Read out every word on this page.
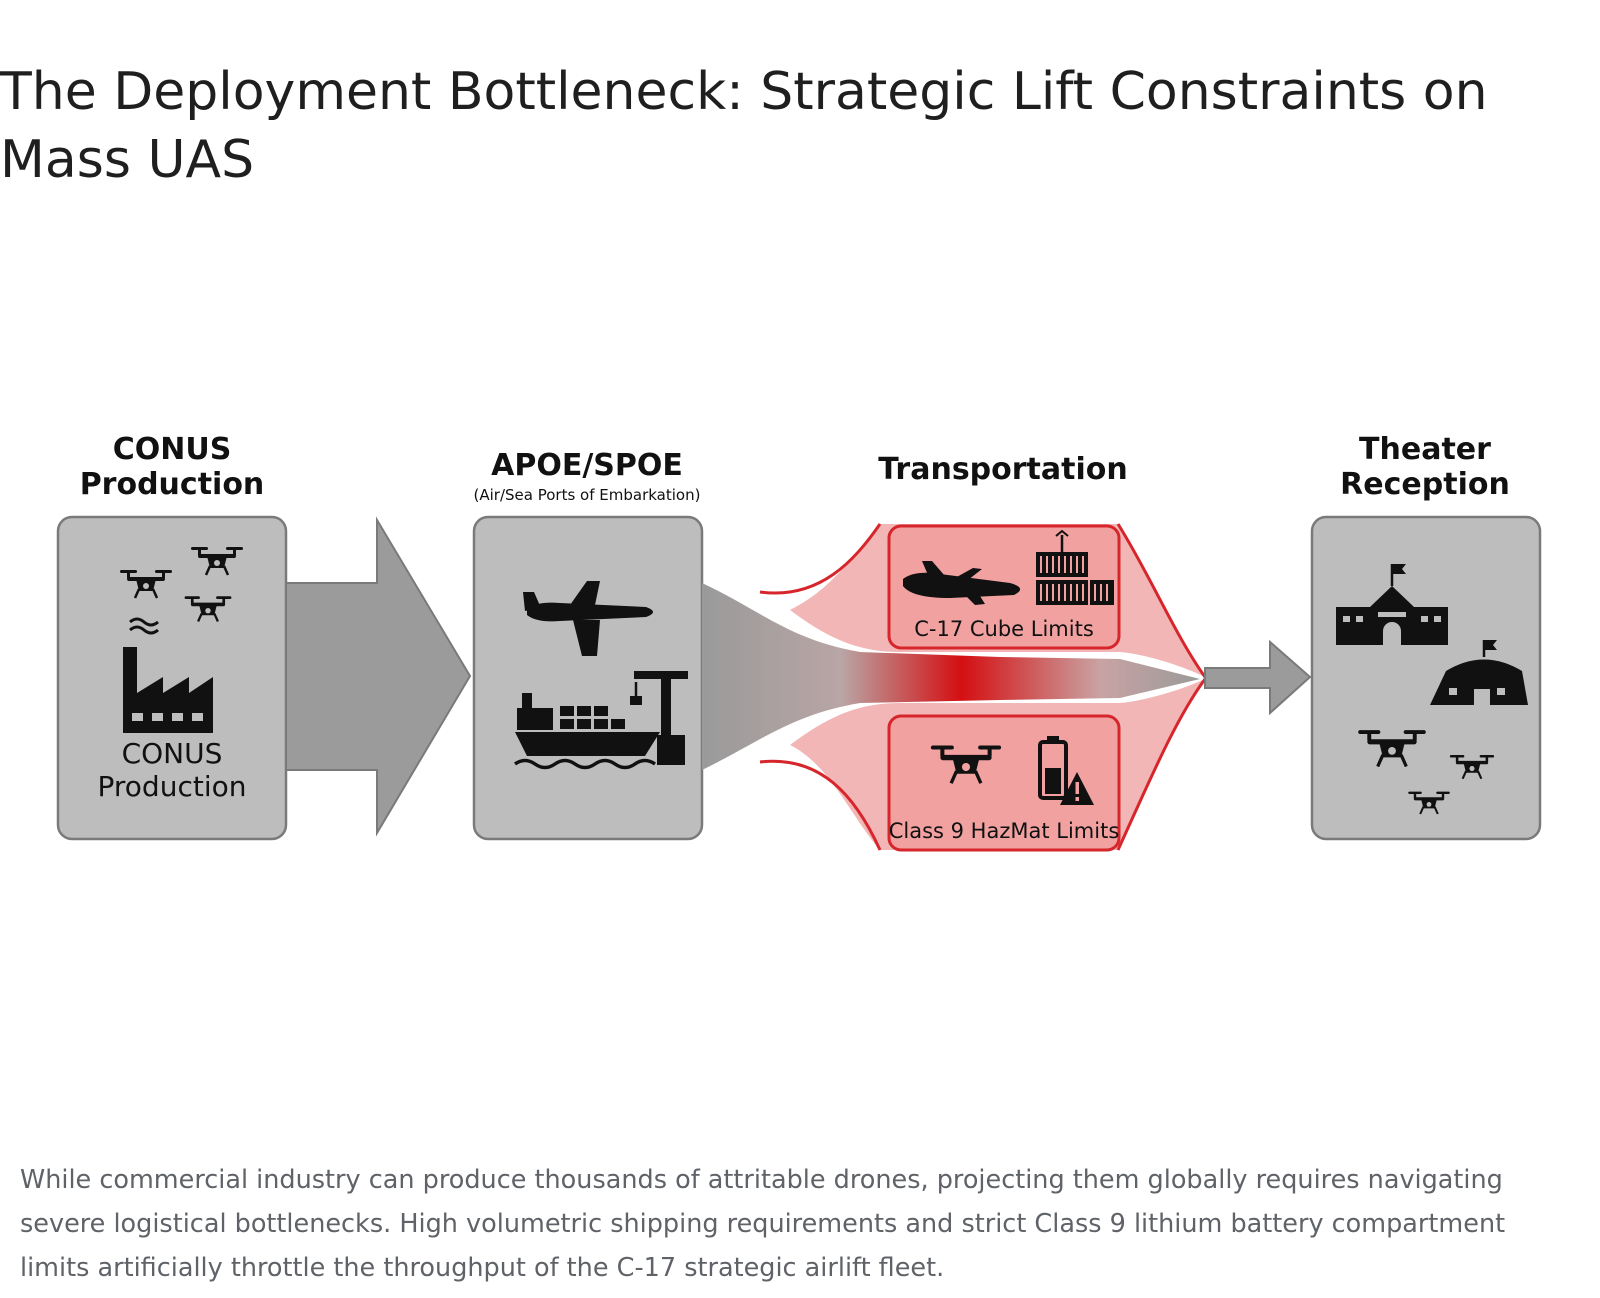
The Deployment Bottleneck: Strategic Lift Constraints on Mass UAS
CONUS
Production
CONUS
Production
APOE/SPOE
(Air/Sea Ports of Embarkation)
Transportation
C-17 Cube Limits
Class 9 HazMat Limits
Theater
Reception

While commercial industry can produce thousands of attritable drones, projecting them globally requires navigating severe logistical bottlenecks. High volumetric shipping requirements and strict Class 9 lithium battery compartment limits artificially throttle the throughput of the C-17 strategic airlift fleet.
